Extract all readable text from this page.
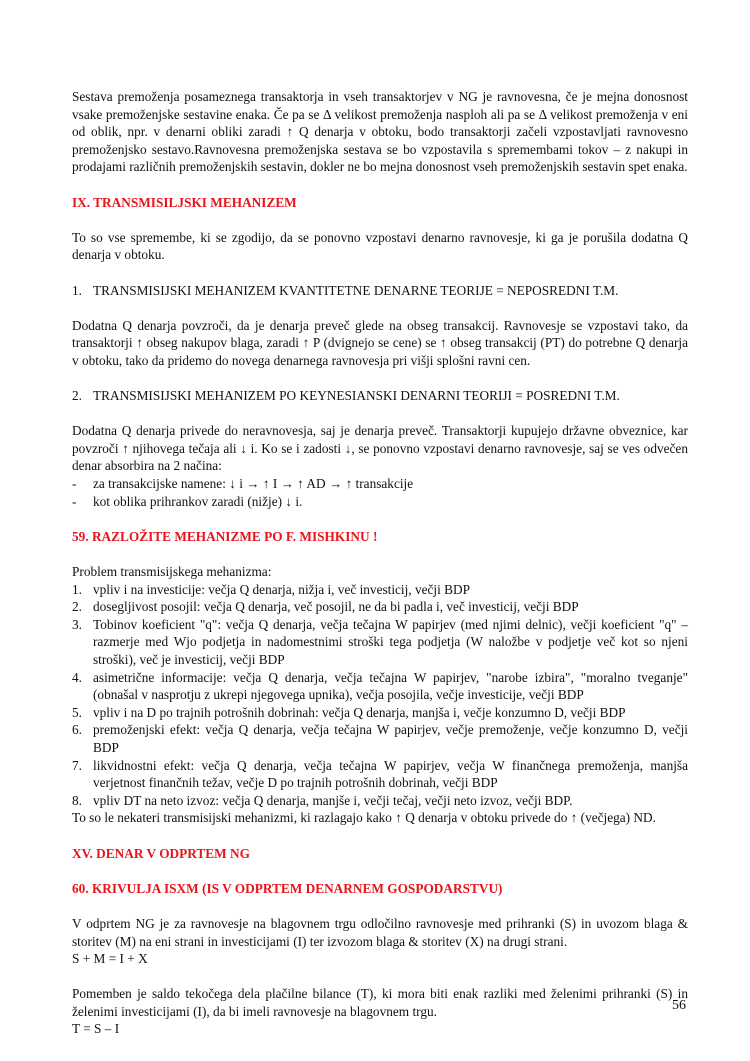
Sestava premoženja posameznega transaktorja in vseh transaktorjev v NG je ravnovesna, če je mejna donosnost vsake premoženjske sestavine enaka. Če pa se Δ velikost premoženja nasploh ali pa se Δ velikost premoženja v eni od oblik, npr. v denarni obliki zaradi ↑ Q denarja v obtoku, bodo transaktorji začeli vzpostavljati ravnovesno premoženjsko sestavo.Ravnovesna premoženjska sestava se bo vzpostavila s spremembami tokov – z nakupi in prodajami različnih premoženjskih sestavin, dokler ne bo mejna donosnost vseh premoženjskih sestavin spet enaka.

IX. TRANSMISILJSKI MEHANIZEM

To so vse spremembe, ki se zgodijo, da se ponovno vzpostavi denarno ravnovesje, ki ga je porušila dodatna Q denarja v obtoku.

1. TRANSMISIJSKI MEHANIZEM KVANTITETNE DENARNE TEORIJE = NEPOSREDNI T.M.

Dodatna Q denarja povzroči, da je denarja preveč glede na obseg transakcij. Ravnovesje se vzpostavi tako, da transaktorji ↑ obseg nakupov blaga, zaradi ↑ P (dvignejo se cene) se ↑ obseg transakcij (PT) do potrebne Q denarja v obtoku, tako da pridemo do novega denarnega ravnovesja pri višji splošni ravni cen.

2. TRANSMISIJSKI MEHANIZEM PO KEYNESIANSKI DENARNI TEORIJI = POSREDNI T.M.

Dodatna Q denarja privede do neravnovesja, saj je denarja preveč. Transaktorji kupujejo državne obveznice, kar povzroči ↑ njihovega tečaja ali ↓ i. Ko se i zadosti ↓, se ponovno vzpostavi denarno ravnovesje, saj se ves odvečen denar absorbira na 2 načina:

-	za transakcijske namene: ↓ i → ↑ I → ↑ AD → ↑ transakcije
-	kot oblika prihrankov zaradi (nižje) ↓ i.
59. RAZLOŽITE MEHANIZME PO F. MISHKINU !

Problem transmisijskega mehanizma:

1. vpliv i na investicije: večja Q denarja, nižja i, več investicij, večji BDP
2. dosegljivost posojil: večja Q denarja, več posojil, ne da bi padla i, več investicij, večji BDP
3. Tobinov koeficient "q": večja Q denarja, večja tečajna W papirjev (med njimi delnic), večji koeficient "q" – razmerje med Wjo podjetja in nadomestnimi stroški tega podjetja (W naložbe v podjetje več kot so njeni stroški), več je investicij, večji BDP
4. asimetrične informacije: večja Q denarja, večja tečajna W papirjev, "narobe izbira", "moralno tveganje" (obnašal v nasprotju z ukrepi njegovega upnika), večja posojila, večje investicije, večji BDP
5. vpliv i na D po trajnih potrošnih dobrinah: večja Q denarja, manjša i, večje konzumno D, večji BDP
6. premoženjski efekt: večja Q denarja, večja tečajna W papirjev, večje premoženje, večje konzumno D, večji BDP
7. likvidnostni efekt: večja Q denarja, večja tečajna W papirjev, večja W finančnega premoženja, manjša verjetnost finančnih težav, večje D po trajnih potrošnih dobrinah, večji BDP
8. vpliv DT na neto izvoz: večja Q denarja, manjše i, večji tečaj, večji neto izvoz, večji BDP.

To so le nekateri transmisijski mehanizmi, ki razlagajo kako ↑ Q denarja v obtoku privede do ↑ (večjega) ND.

XV. DENAR V ODPRTEM NG
60. KRIVULJA ISXM (IS V ODPRTEM DENARNEM GOSPODARSTVU)

V odprtem NG je za ravnovesje na blagovnem trgu odločilno ravnovesje med prihranki (S) in uvozom blaga & storitev (M) na eni strani in investicijami (I) ter izvozom blaga & storitev (X) na drugi strani.

S + M = I + X

Pomemben je saldo tekočega dela plačilne bilance (T), ki mora biti enak razliki med želenimi prihranki (S) in želenimi investicijami (I), da bi imeli ravnovesje na blagovnem trgu.

T = S – I

56
